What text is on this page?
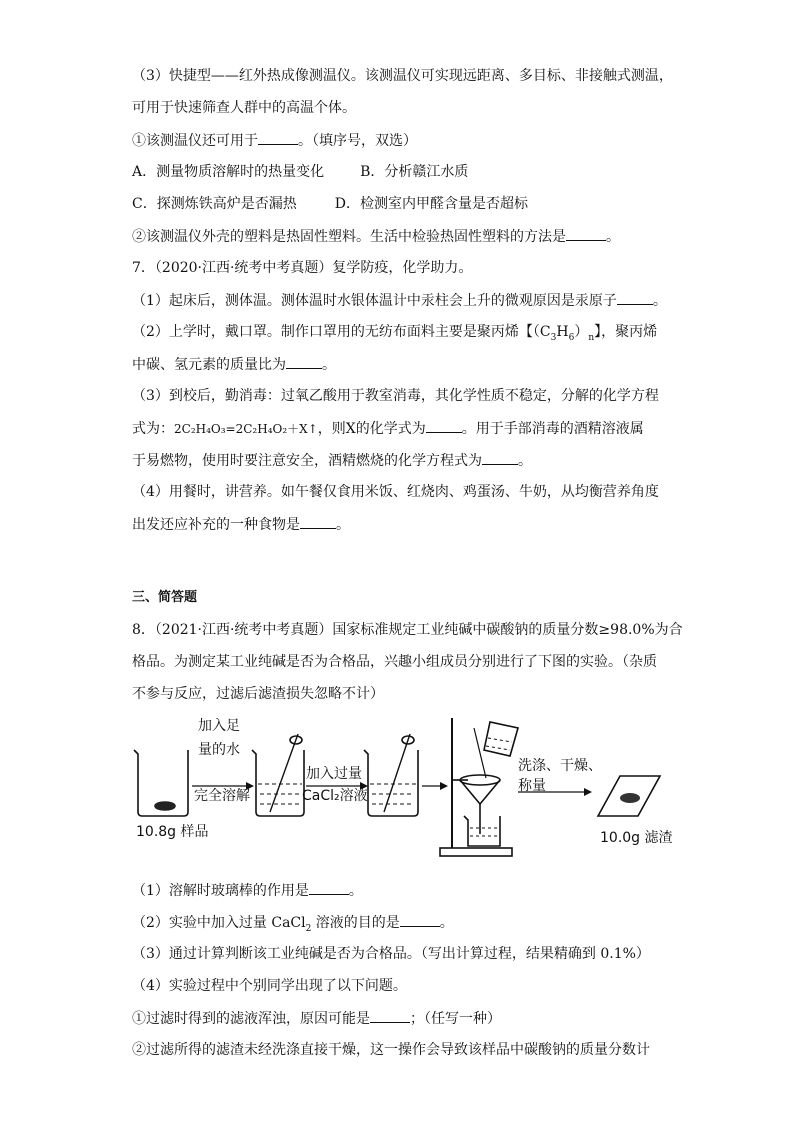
（3）快捷型——红外热成像测温仪。该测温仪可实现远距离、多目标、非接触式测温，
可用于快速筛查人群中的高温个体。
①该测温仪还可用于	。（填序号，双选）
A．测量物质溶解时的热量变化	B．分析赣江水质
C．探测炼铁高炉是否漏热	D．检测室内甲醛含量是否超标
②该测温仪外壳的塑料是热固性塑料。生活中检验热固性塑料的方法是	。
7．（2020·江西·统考中考真题）复学防疫，化学助力。
（1）起床后，测体温。测体温时水银体温计中汞柱会上升的微观原因是汞原子	。
（2）上学时，戴口罩。制作口罩用的无纺布面料主要是聚丙烯【$(C_3H_6)_n$】，聚丙烯
中碳、氢元素的质量比为	。
（3）到校后，勤消毒：过氧乙酸用于教室消毒，其化学性质不稳定，分解的化学方程
式为：2C₂H₄O₃=2C₂H₄O₂＋X↑，则X的化学式为	。用于手部消毒的酒精溶液属
于易燃物，使用时要注意安全，酒精燃烧的化学方程式为	。
（4）用餐时，讲营养。如午餐仅食用米饭、红烧肉、鸡蛋汤、牛奶，从均衡营养角度
出发还应补充的一种食物是	。
三、简答题
8．（2021·江西·统考中考真题）国家标准规定工业纯碱中碳酸钠的质量分数≥98.0%为合
格品。为测定某工业纯碱是否为合格品，兴趣小组成员分别进行了下图的实验。（杂质
不参与反应，过滤后滤渣损失忽略不计）
10.8g 样品
加入足
量的水
完全溶解
加入过量
CaCl₂溶液
洗涤、干燥、
称量
10.0g 滤渣
（1）溶解时玻璃棒的作用是	。
（2）实验中加入过量 CaCl$_2$ 溶液的目的是	。
（3）通过计算判断该工业纯碱是否为合格品。（写出计算过程，结果精确到 0.1%）
（4）实验过程中个别同学出现了以下问题。
①过滤时得到的滤液浑浊，原因可能是	；（任写一种）
②过滤所得的滤渣未经洗涤直接干燥，这一操作会导致该样品中碳酸钠的质量分数计
